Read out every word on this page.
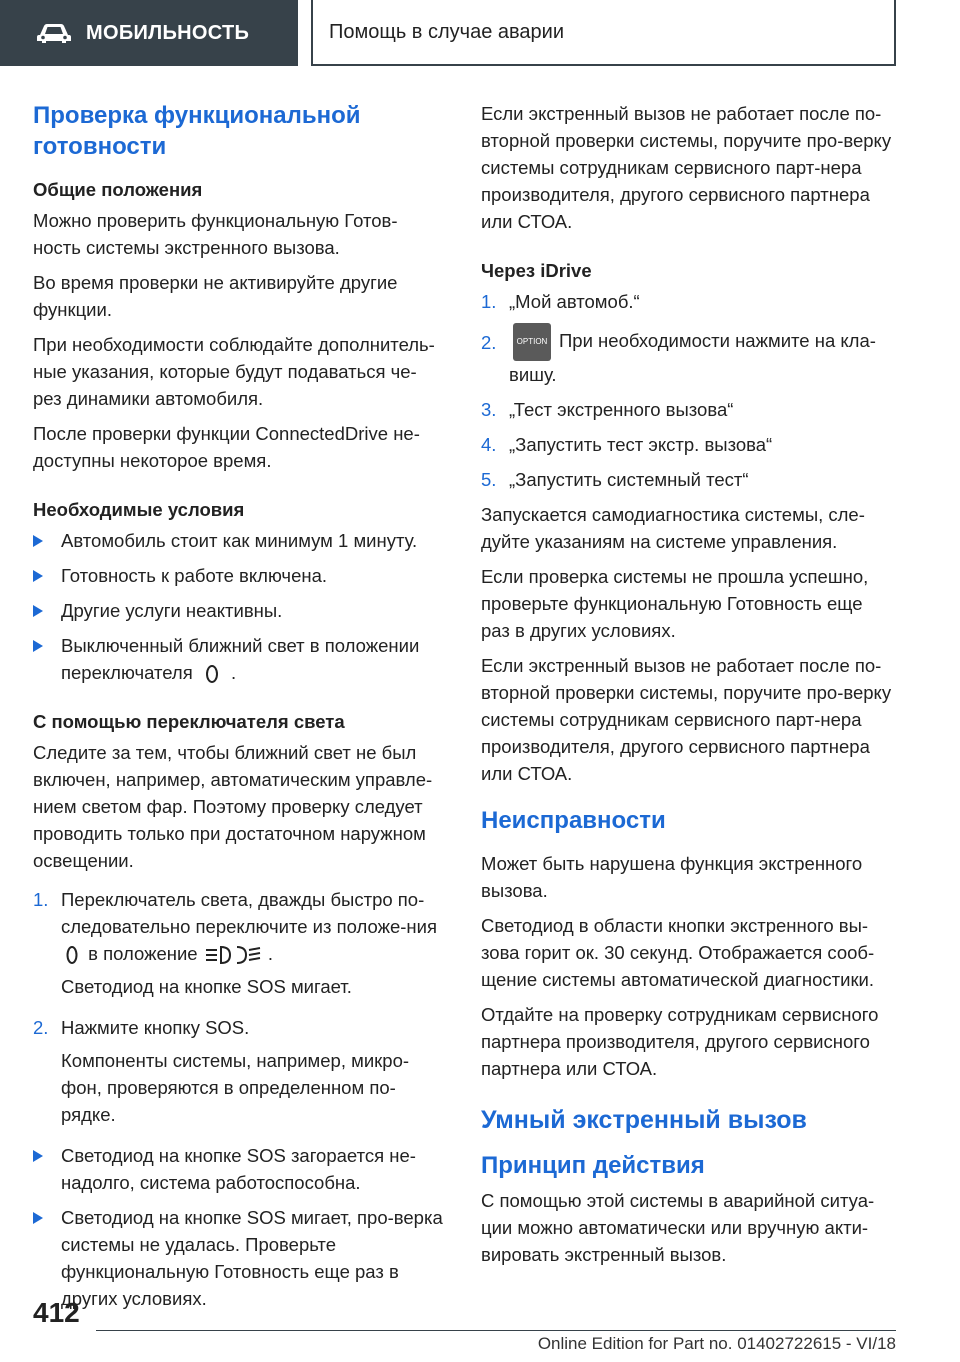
МОБИЛЬНОСТЬ	Помощь в случае аварии
Проверка функциональной готовности
Общие положения

Можно проверить функциональную Готов-ность системы экстренного вызова.

Во время проверки не активируйте другие функции.

При необходимости соблюдайте дополнитель-ные указания, которые будут подаваться че-рез динамики автомобиля.

После проверки функции ConnectedDrive не-доступны некоторое время.

Необходимые условия
Автомобиль стоит как минимум 1 минуту.
Готовность к работе включена.
Другие услуги неактивны.
Выключенный ближний свет в положении переключателя  .
С помощью переключателя света

Следите за тем, чтобы ближний свет не был включен, например, автоматическим управле-нием светом фар. Поэтому проверку следует проводить только при достаточном наружном освещении.

1. Переключатель света, дважды быстро по-следовательно переключите из положе-ния  в положение	.

Светодиод на кнопке SOS мигает.

2. Нажмите кнопку SOS.

Компоненты системы, например, микро-фон, проверяются в определенном по-рядке.

Светодиод на кнопке SOS загорается не-надолго, система работоспособна.
Светодиод на кнопке SOS мигает, про-верка системы не удалась. Проверьте функциональную Готовность еще раз в других условиях.

Если экстренный вызов не работает после по-вторной проверки системы, поручите про-верку системы сотрудникам сервисного парт-нера производителя, другого сервисного партнера или СТОА.

Через iDrive
1. „Мой автомоб.“
2.	OPTION При необходимости нажмите на кла-вишу.
3. „Тест экстренного вызова“
4. „Запустить тест экстр. вызова“
5. „Запустить системный тест“

Запускается самодиагностика системы, сле-дуйте указаниям на системе управления.

Если проверка системы не прошла успешно, проверьте функциональную Готовность еще раз в других условиях.

Если экстренный вызов не работает после по-вторной проверки системы, поручите про-верку системы сотрудникам сервисного парт-нера производителя, другого сервисного партнера или СТОА.

Неисправности

Может быть нарушена функция экстренного вызова.

Светодиод в области кнопки экстренного вы-зова горит ок. 30 секунд. Отображается сооб-щение системы автоматической диагностики.

Отдайте на проверку сотрудникам сервисного партнера производителя, другого сервисного партнера или СТОА.

Умный экстренный вызов
Принцип действия

С помощью этой системы в аварийной ситуа-ции можно автоматически или вручную акти-вировать экстренный вызов.

412
Online Edition for Part no. 01402722615 - VI/18
